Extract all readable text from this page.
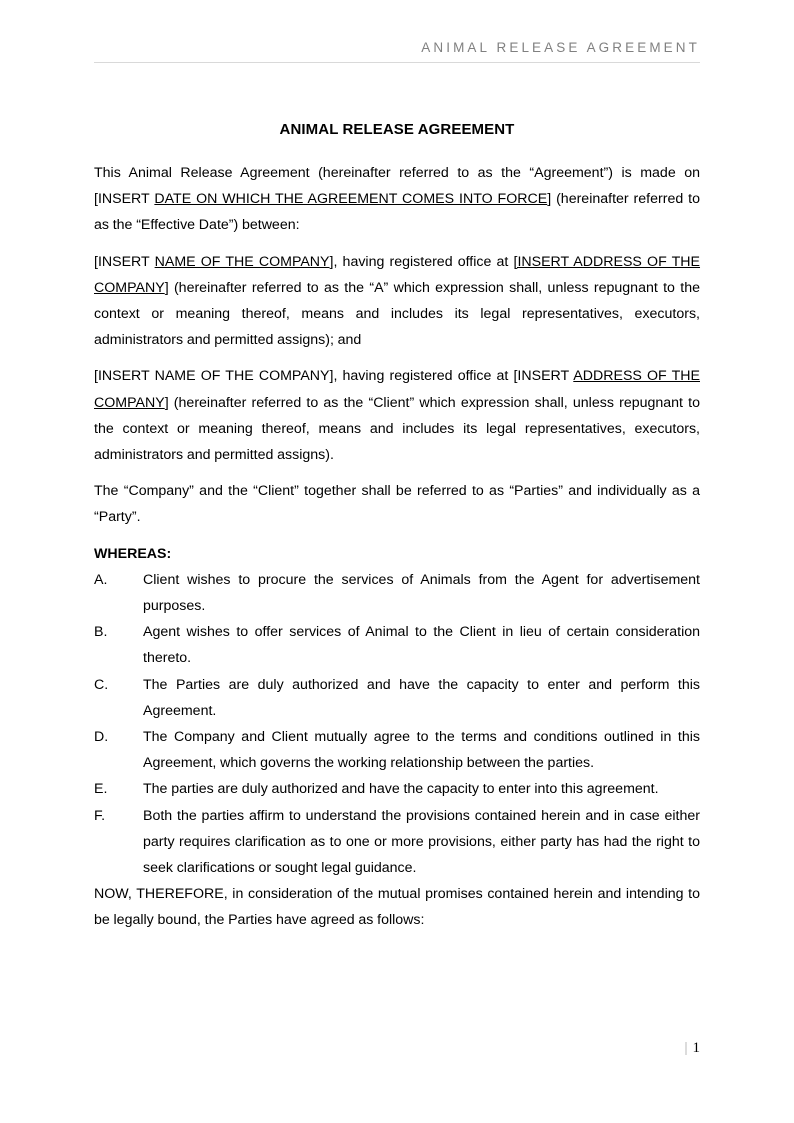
ANIMAL RELEASE AGREEMENT
ANIMAL RELEASE AGREEMENT

This Animal Release Agreement (hereinafter referred to as the “Agreement”) is made on [INSERT DATE ON WHICH THE AGREEMENT COMES INTO FORCE] (hereinafter referred to as the “Effective Date”) between:

[INSERT NAME OF THE COMPANY], having registered office at [INSERT ADDRESS OF THE COMPANY] (hereinafter referred to as the “A” which expression shall, unless repugnant to the context or meaning thereof, means and includes its legal representatives, executors, administrators and permitted assigns); and

[INSERT NAME OF THE COMPANY], having registered office at [INSERT ADDRESS OF THE COMPANY] (hereinafter referred to as the “Client” which expression shall, unless repugnant to the context or meaning thereof, means and includes its legal representatives, executors, administrators and permitted assigns).

The “Company” and the “Client” together shall be referred to as “Parties” and individually as a “Party”.

WHEREAS:
A.	Client wishes to procure the services of Animals from the Agent for advertisement purposes.
B.	Agent wishes to offer services of Animal to the Client in lieu of certain consideration thereto.
C.	The Parties are duly authorized and have the capacity to enter and perform this Agreement.
D.	The Company and Client mutually agree to the terms and conditions outlined in this Agreement, which governs the working relationship between the parties.
E.	The parties are duly authorized and have the capacity to enter into this agreement.
F.	Both the parties affirm to understand the provisions contained herein and in case either party requires clarification as to one or more provisions, either party has had the right to seek clarifications or sought legal guidance.

NOW, THEREFORE, in consideration of the mutual promises contained herein and intending to be legally bound, the Parties have agreed as follows:

| 1
